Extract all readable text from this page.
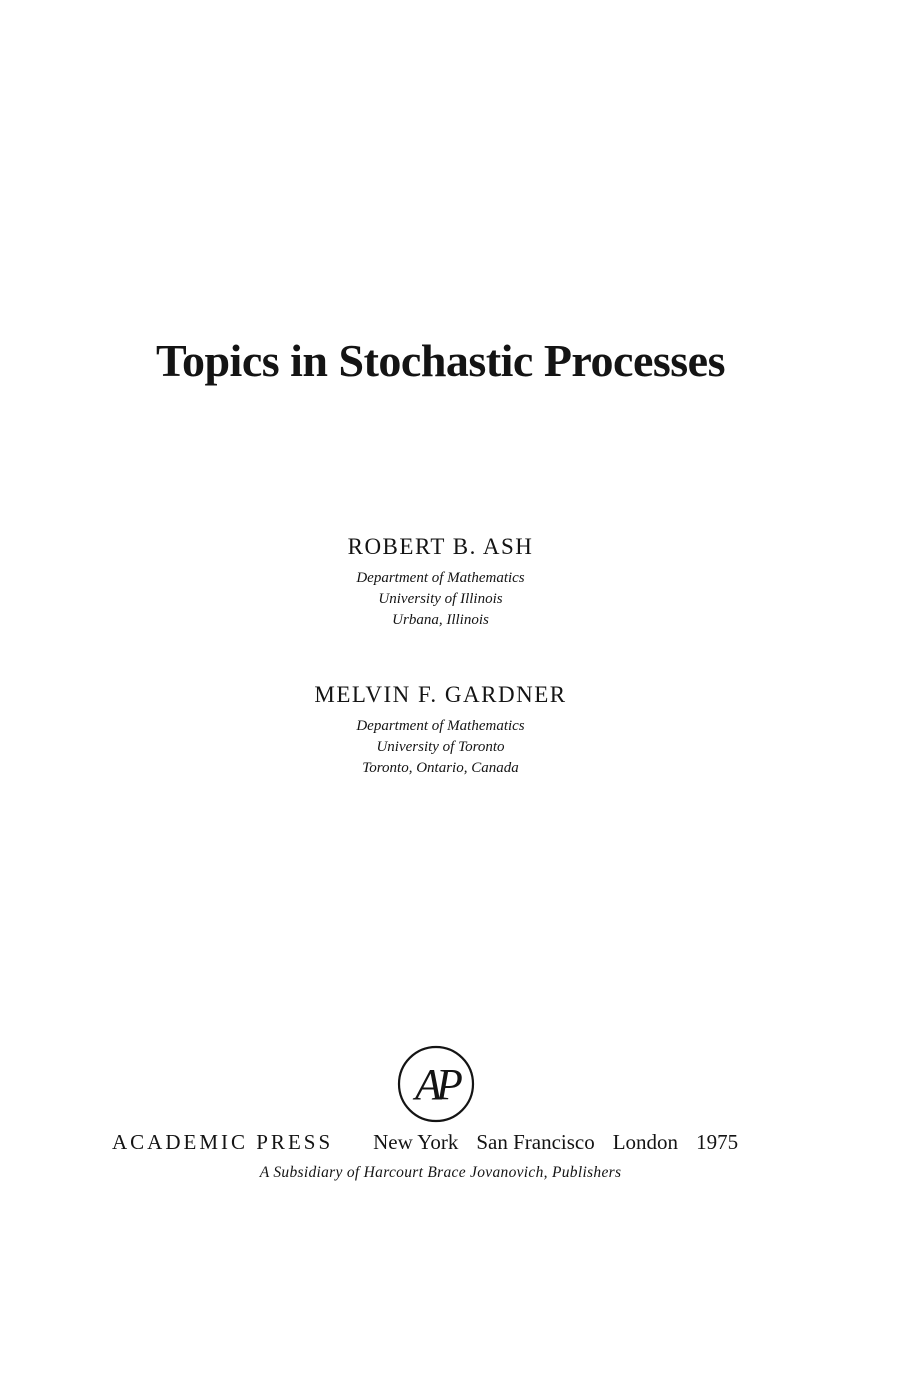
Topics in Stochastic Processes
ROBERT B. ASH
Department of Mathematics
University of Illinois
Urbana, Illinois
MELVIN F. GARDNER
Department of Mathematics
University of Toronto
Toronto, Ontario, Canada
AP
ACADEMIC PRESS New York San Francisco London 1975
A Subsidiary of Harcourt Brace Jovanovich, Publishers
